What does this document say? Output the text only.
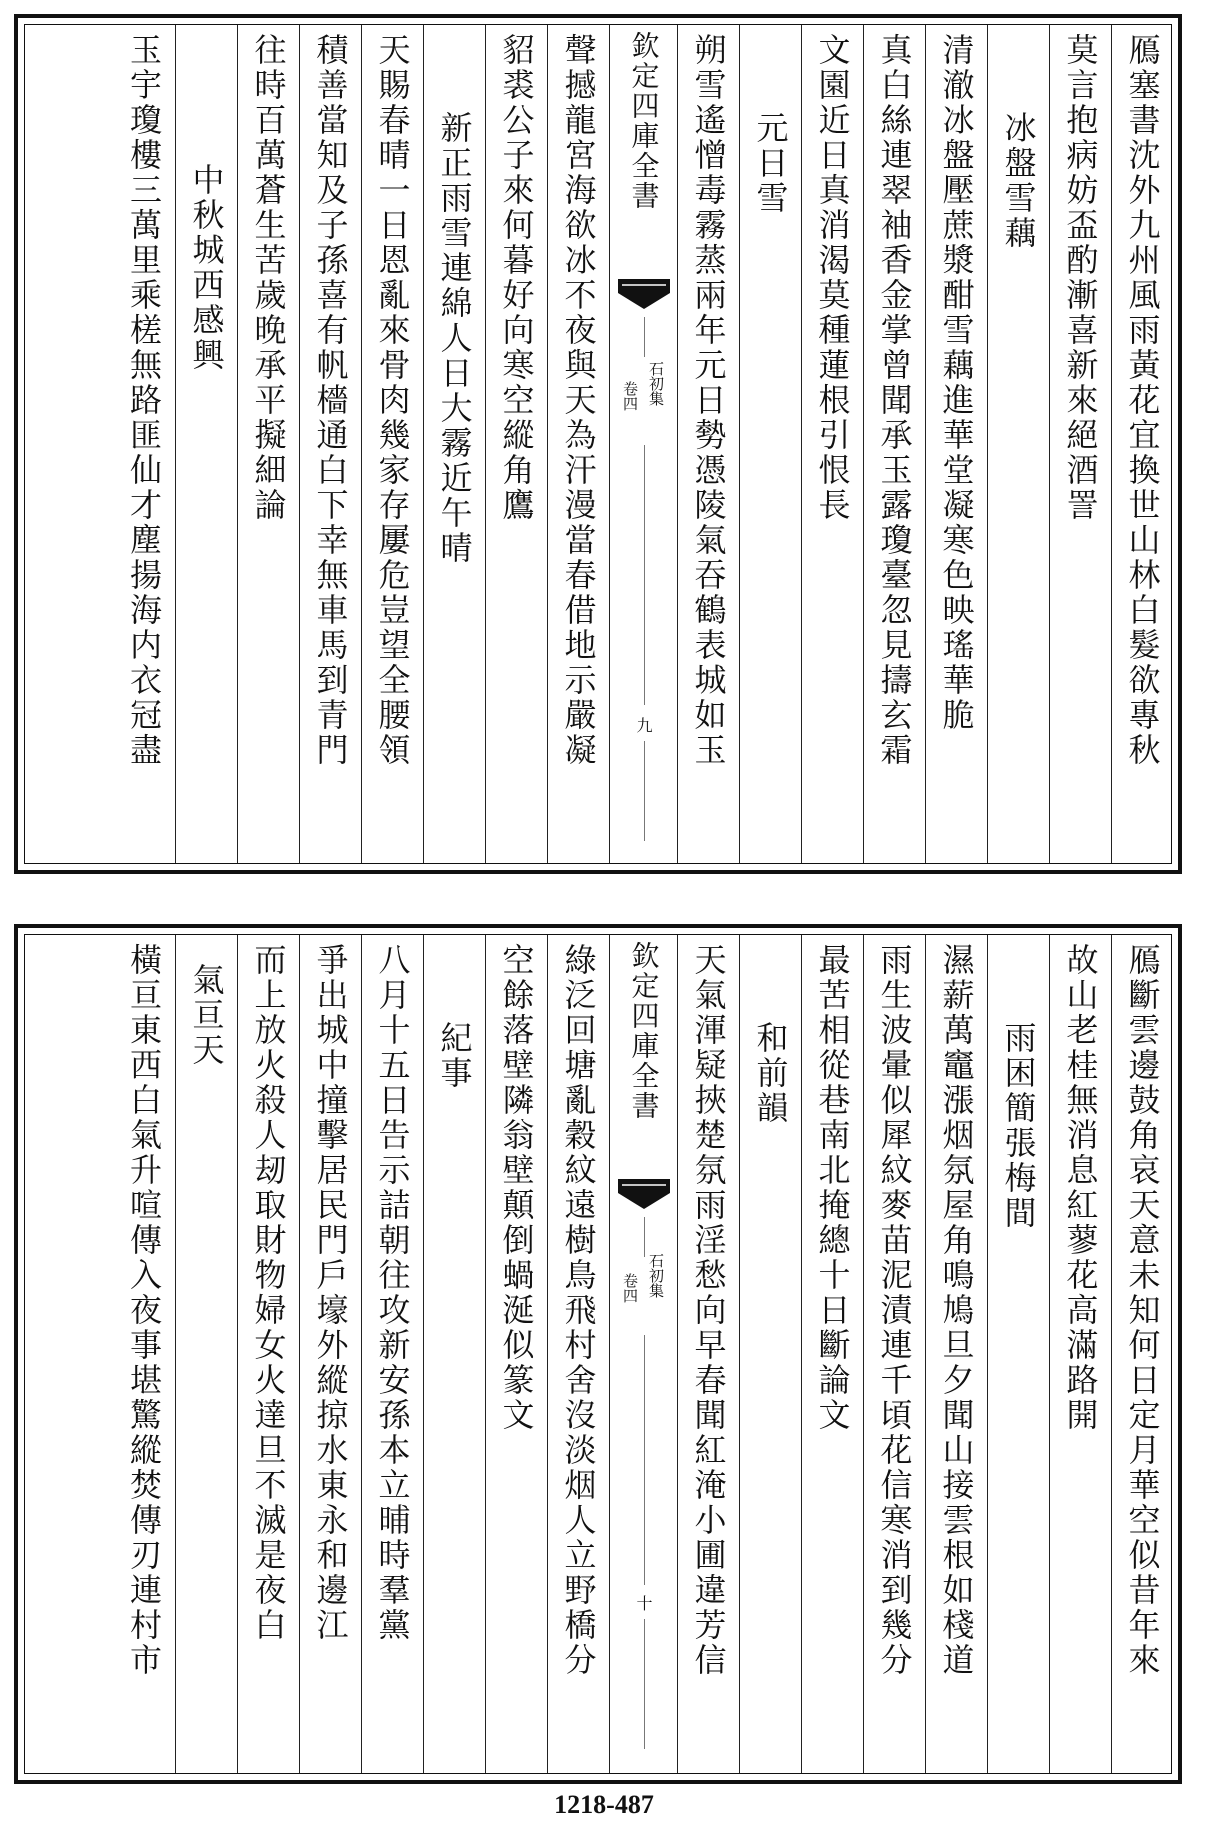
鴈塞書沈外九州風雨黃花宜換世山林白髮欲專秋
莫言抱病妨盃酌漸喜新來絕酒詈
冰盤雪藕
清澈冰盤壓蔗漿酣雪藕進華堂凝寒色映瑤華脆
真白絲連翠袖香金掌曾聞承玉露瓊臺忽見擣玄霜
文園近日真消渴莫種蓮根引恨長
元日雪
朔雪遙憎毒霧蒸兩年元日勢憑陵氣吞鶴表城如玉
欽定四庫全書
石初集
卷四
九
聲撼龍宮海欲冰不夜與天為汗漫當春借地示嚴凝
貂裘公子來何暮好向寒空縱角鷹
新正雨雪連綿人日大霧近午晴
天賜春晴一日恩亂來骨肉幾家存屢危豈望全腰領
積善當知及子孫喜有帆檣通白下幸無車馬到青門
往時百萬蒼生苦歲晚承平擬細論
中秋城西感興
玉宇瓊樓三萬里乘槎無路匪仙才塵揚海内衣冠盡
鴈斷雲邊鼓角哀天意未知何日定月華空似昔年來
故山老桂無消息紅蓼花高滿路開
雨困簡張梅間
濕薪萬竈漲烟氛屋角鳴鳩旦夕聞山接雲根如棧道
雨生波暈似犀紋麥苗泥漬連千頃花信寒消到幾分
最苦相從巷南北掩總十日斷論文
和前韻
天氣渾疑挾楚氛雨淫愁向早春聞紅淹小圃違芳信
欽定四庫全書
石初集
卷四
十
綠泛回塘亂穀紋遠樹鳥飛村舍沒淡烟人立野橋分
空餘落壁隣翁壁顛倒蝸涎似篆文
紀事
八月十五日告示詰朝往攻新安孫本立晡時羣黨
爭出城中撞擊居民門戶壕外縱掠水東永和邊江
而上放火殺人刼取財物婦女火達旦不滅是夜白
氣亘天
橫亘東西白氣升喧傳入夜事堪驚縱焚傳刃連村市
1218-487
